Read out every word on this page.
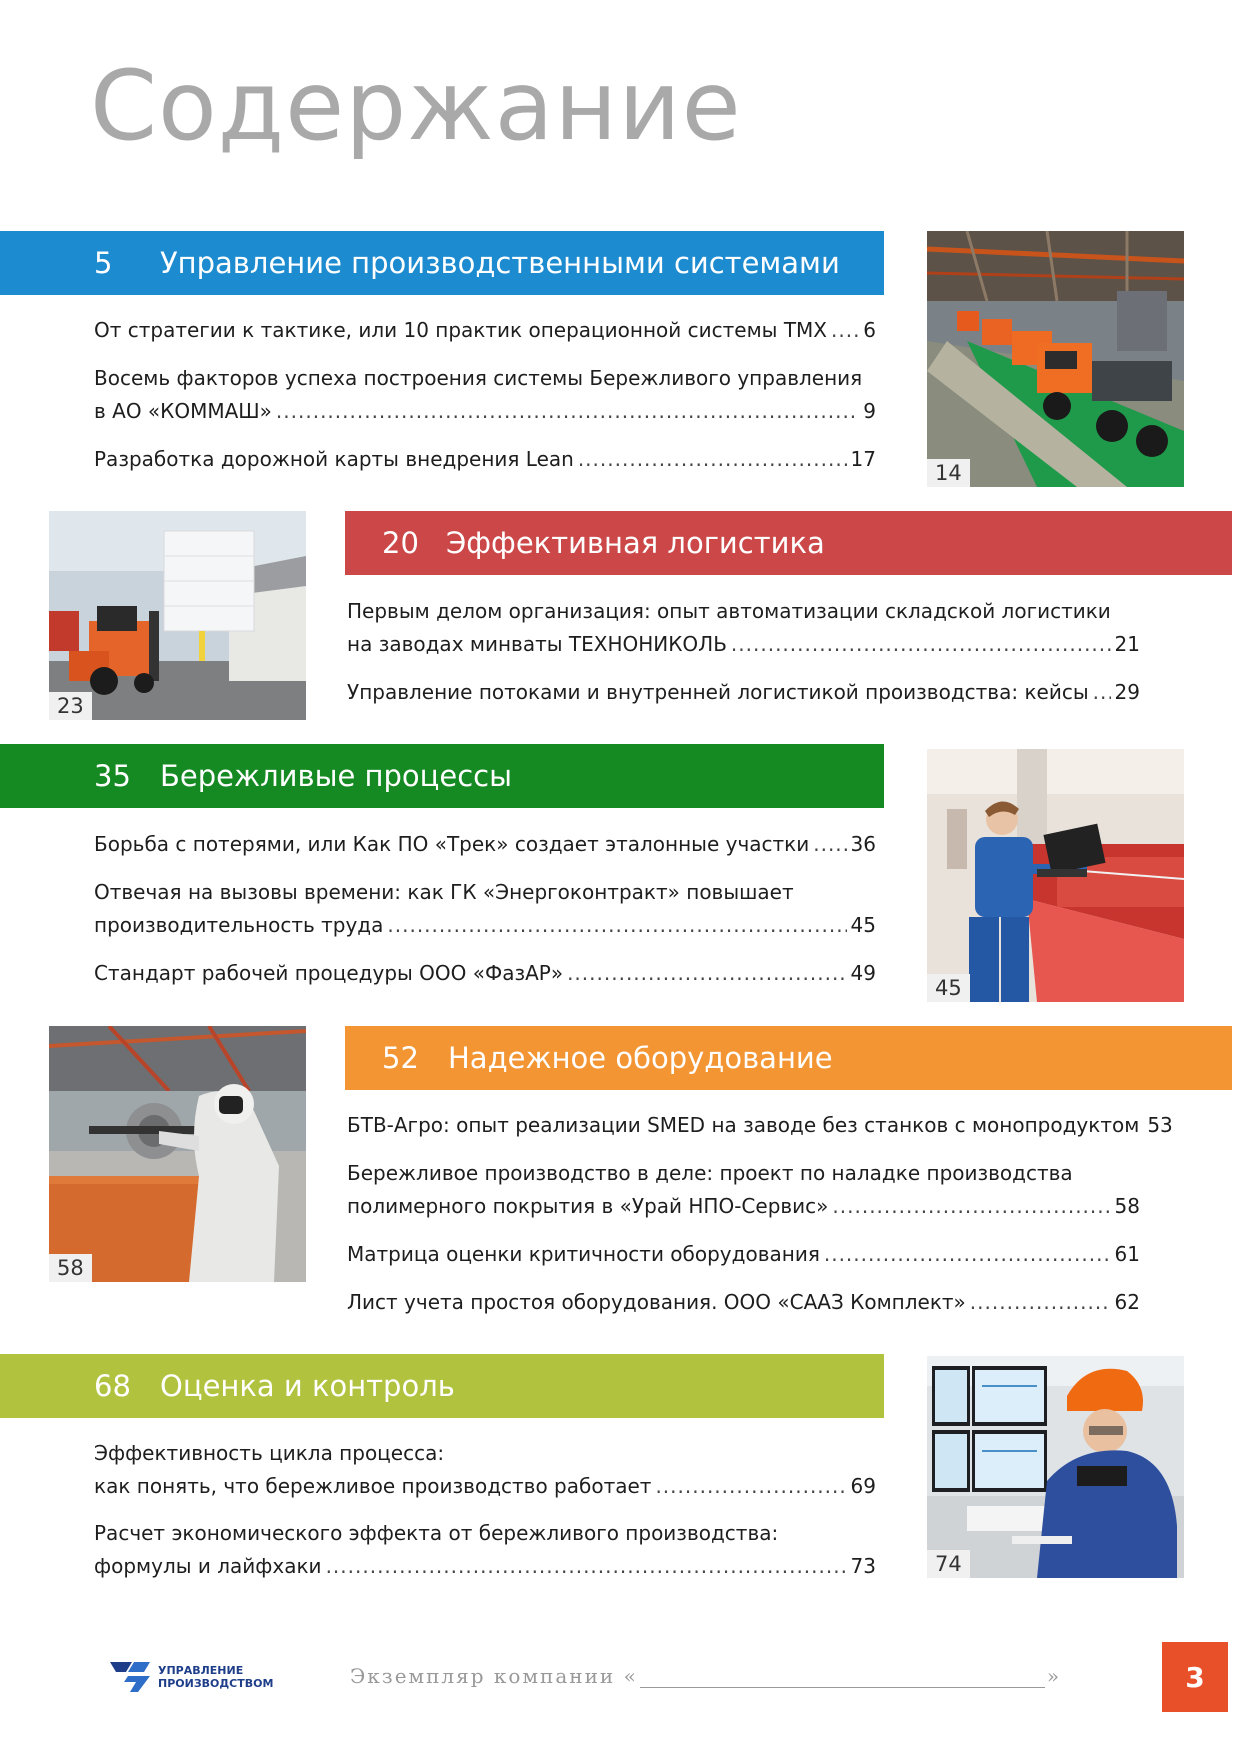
Содержание
5	Управление производственными системами
От стратегии к тактике, или 10 практик операционной системы ТМХ ..... 6
Восемь факторов успеха построения системы Бережливого управления
в АО «КОММАШ» .....	9
Разработка дорожной карты внедрения Lean .....	17
14
20 Эффективная логистика
Первым делом организация: опыт автоматизации складской логистики
на заводах минваты ТЕХНОНИКОЛЬ .....	21
Управление потоками и внутренней логистикой производства: кейсы ..... 29
23
35	Бережливые процессы
Борьба с потерями, или Как ПО «Трек» создает эталонные участки ..... 36
Отвечая на вызовы времени: как ГК «Энергоконтракт» повышает
производительность труда .....	45
Стандарт рабочей процедуры ООО «ФазАР» .....	49
45
52	Надежное оборудование
БТВ-Агро: опыт реализации SMED на заводе без станков с монопродуктом 53
Бережливое производство в деле: проект по наладке производства
полимерного покрытия в «Урай НПО-Сервис» .....	58
Матрица оценки критичности оборудования .....	61
Лист учета простоя оборудования. ООО «СААЗ Комплект» .....	62
58
68	Оценка и контроль
Эффективность цикла процесса:
как понять, что бережливое производство работает .....	69
Расчет экономического эффекта от бережливого производства:
формулы и лайфхаки .....	73	74
УПРАВЛЕНИЕ
ПРОИЗВОДСТВОМ	Экземпляр компании «	»	3
